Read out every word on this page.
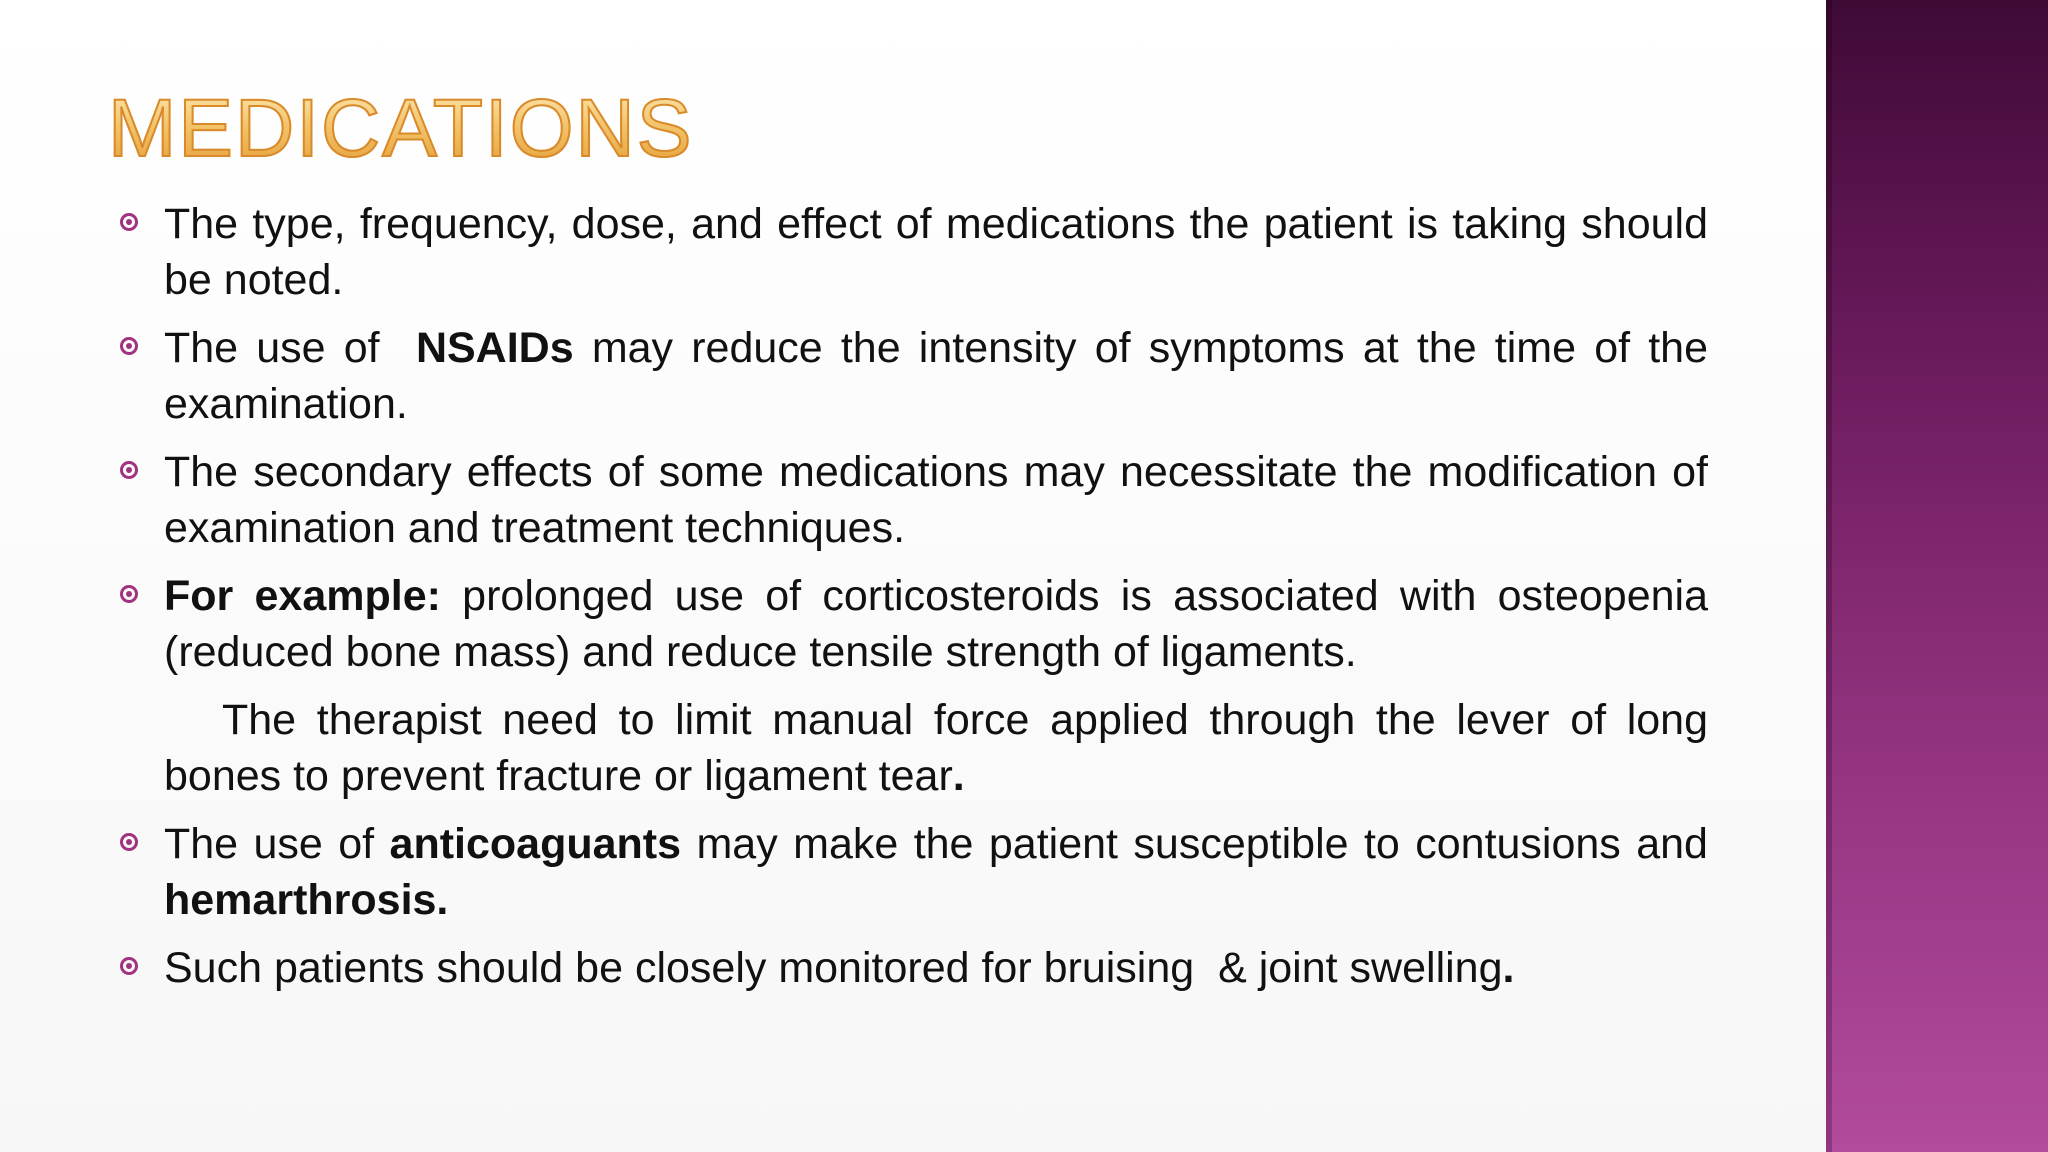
MEDICATIONS
The type, frequency, dose, and effect of medications the patient is taking should be noted.
The use of  NSAIDs may reduce the intensity of symptoms at the time of the examination.
The secondary effects of some medications may necessitate the modification of examination and treatment techniques.
For example: prolonged use of corticosteroids is associated with osteopenia (reduced bone mass) and reduce tensile strength of ligaments.
The therapist need to limit manual force applied through the lever of long bones to prevent fracture or ligament tear.
The use of anticoaguants may make the patient susceptible to contusions and hemarthrosis.
Such patients should be closely monitored for bruising  & joint swelling.
